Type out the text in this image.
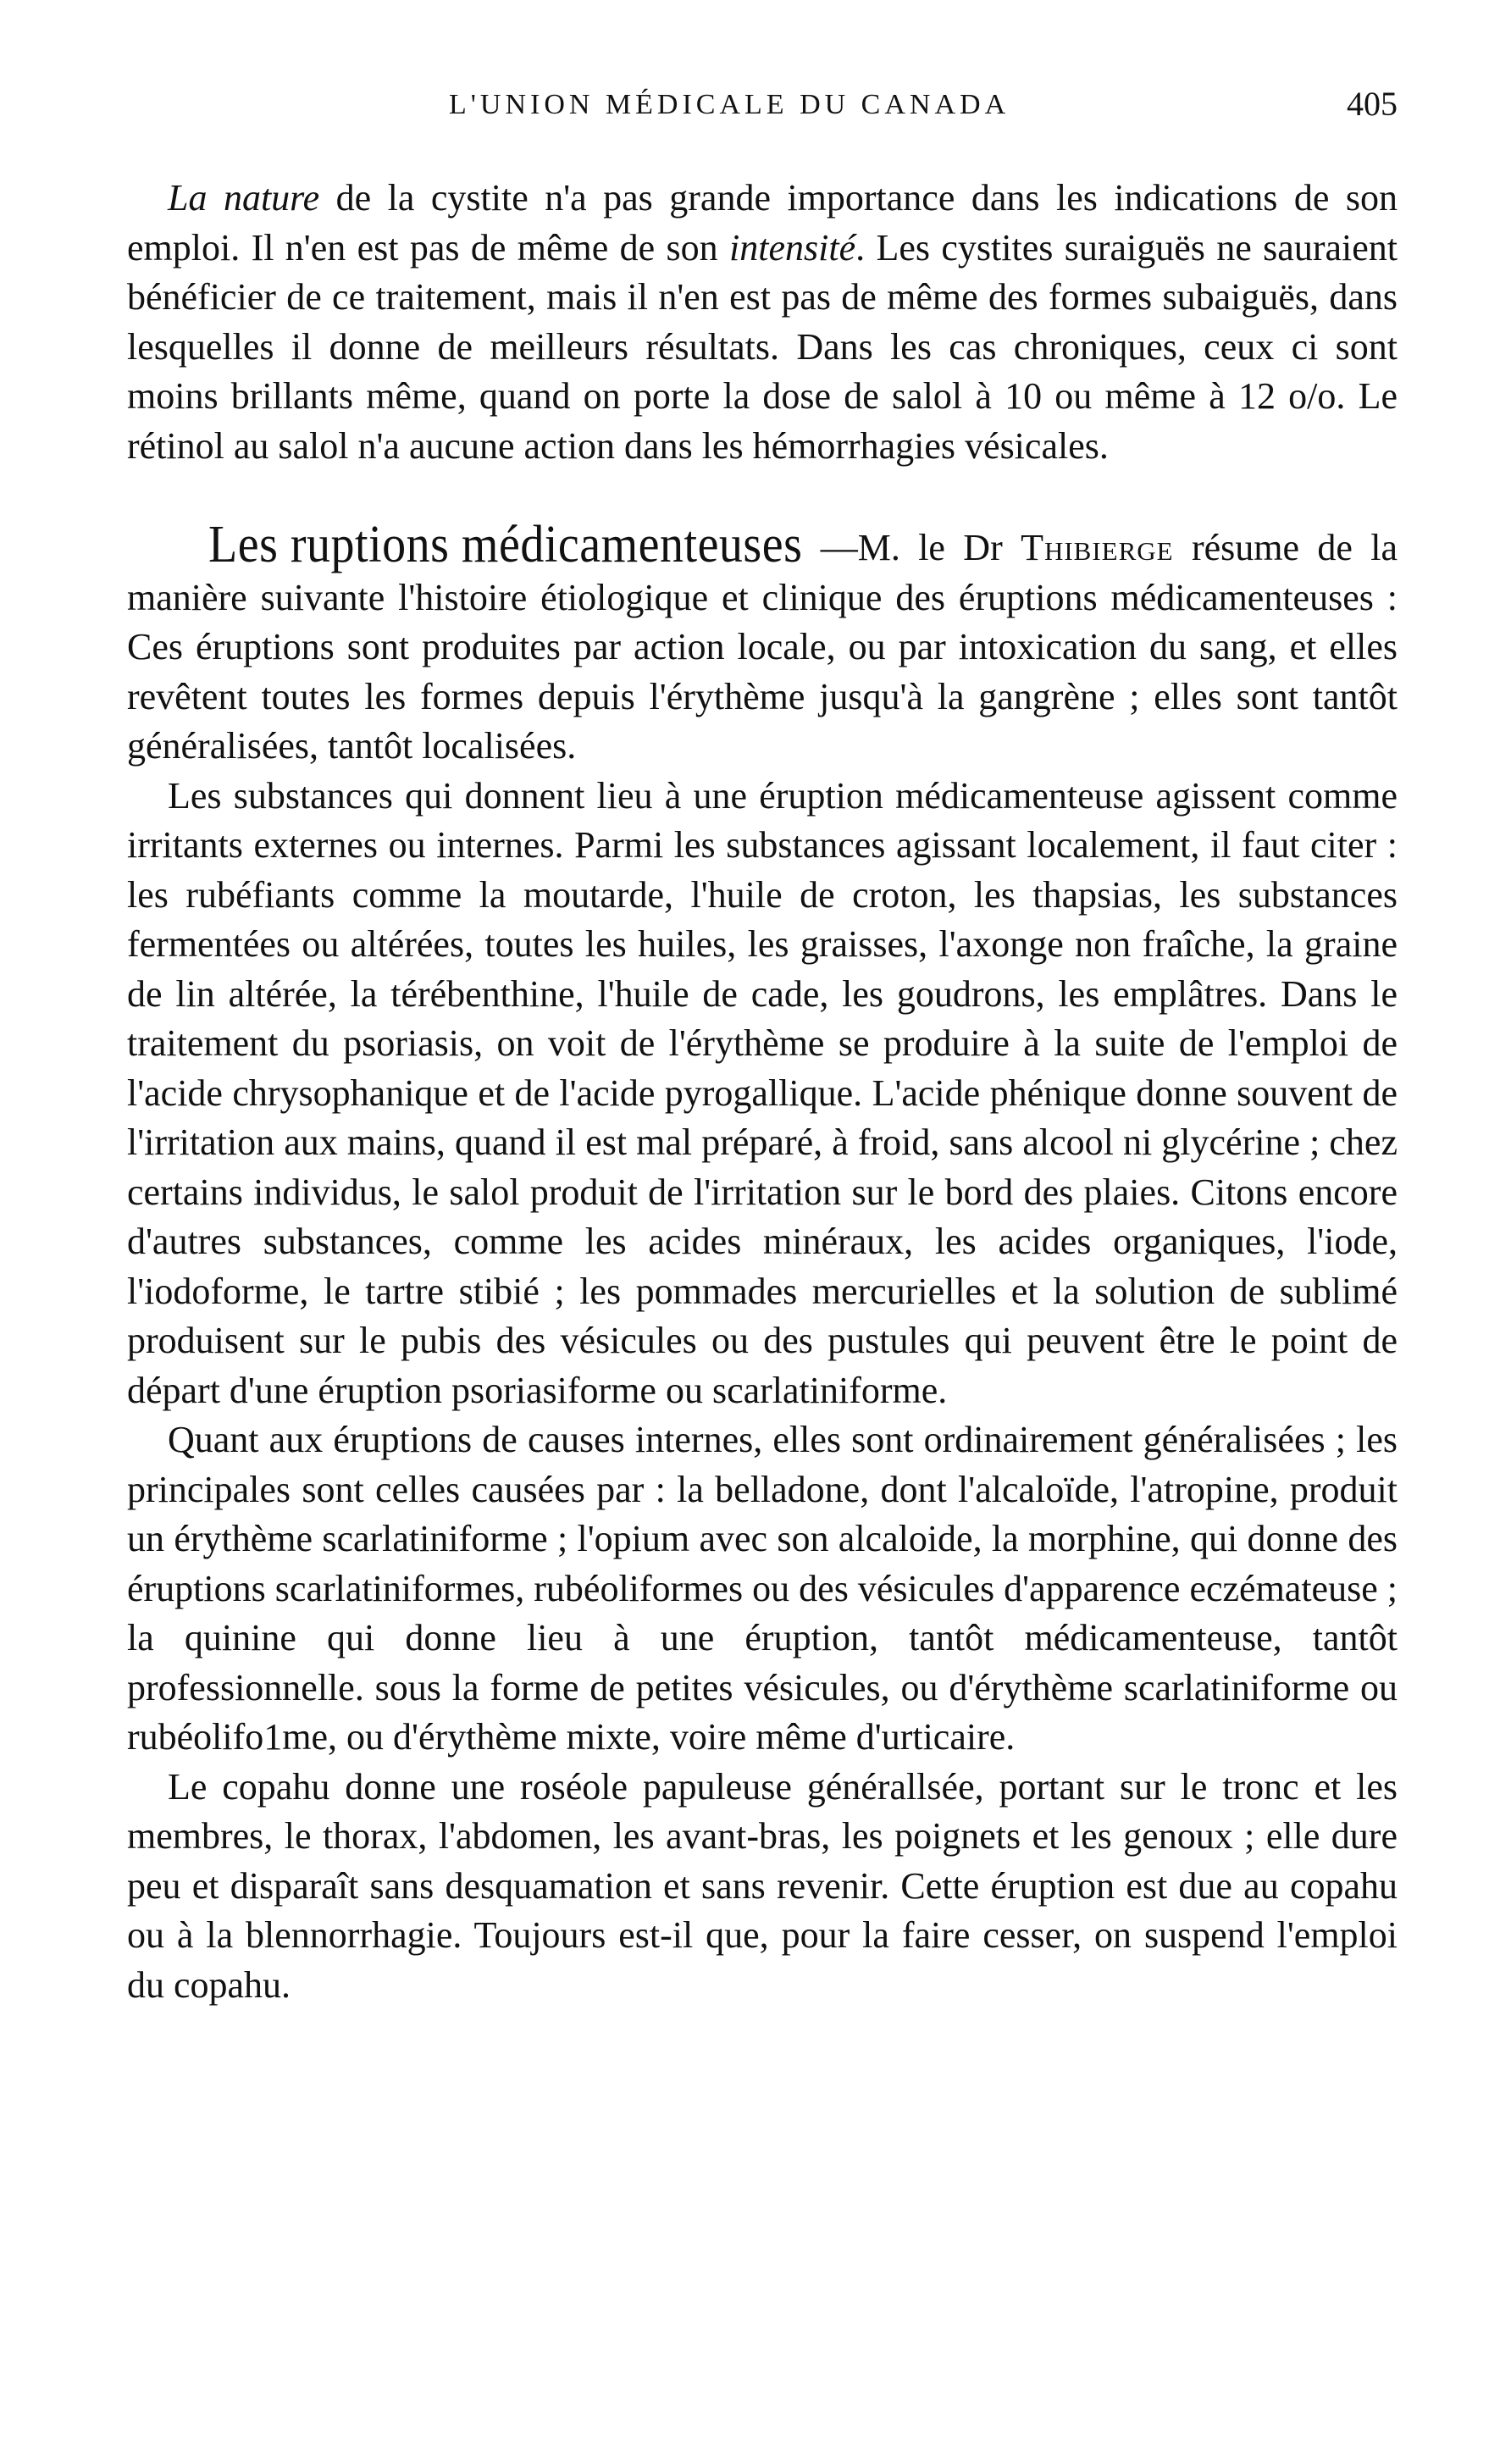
L'UNION MÉDICALE DU CANADA	405

La nature de la cystite n'a pas grande importance dans les indications de son emploi. Il n'en est pas de même de son intensité. Les cystites suraiguës ne sauraient bénéficier de ce traitement, mais il n'en est pas de même des formes subaiguës, dans lesquelles il donne de meilleurs résultats. Dans les cas chroniques, ceux ci sont moins brillants même, quand on porte la dose de salol à 10 ou même à 12 o/o. Le rétinol au salol n'a aucune action dans les hémorrhagies vésicales.

Les ruptions médicamenteuses —M. le Dr Thibierge résume de la manière suivante l'histoire étiologique et clinique des éruptions médicamenteuses : Ces éruptions sont produites par action locale, ou par intoxication du sang, et elles revêtent toutes les formes depuis l'érythème jusqu'à la gangrène ; elles sont tantôt généralisées, tantôt localisées.

Les substances qui donnent lieu à une éruption médicamenteuse agissent comme irritants externes ou internes. Parmi les substances agissant localement, il faut citer : les rubéfiants comme la moutarde, l'huile de croton, les thapsias, les substances fermentées ou altérées, toutes les huiles, les graisses, l'axonge non fraîche, la graine de lin altérée, la térébenthine, l'huile de cade, les goudrons, les emplâtres. Dans le traitement du psoriasis, on voit de l'érythème se produire à la suite de l'emploi de l'acide chrysophanique et de l'acide pyrogallique. L'acide phénique donne souvent de l'irritation aux mains, quand il est mal préparé, à froid, sans alcool ni glycérine ; chez certains individus, le salol produit de l'irritation sur le bord des plaies. Citons encore d'autres substances, comme les acides minéraux, les acides organiques, l'iode, l'iodoforme, le tartre stibié ; les pommades mercurielles et la solution de sublimé produisent sur le pubis des vésicules ou des pustules qui peuvent être le point de départ d'une éruption psoriasiforme ou scarlatiniforme.

Quant aux éruptions de causes internes, elles sont ordinairement généralisées ; les principales sont celles causées par : la belladone, dont l'alcaloïde, l'atropine, produit un érythème scarlatiniforme ; l'opium avec son alcaloide, la morphine, qui donne des éruptions scarlatiniformes, rubéoliformes ou des vésicules d'apparence eczémateuse ; la quinine qui donne lieu à une éruption, tantôt médicamenteuse, tantôt professionnelle. sous la forme de petites vésicules, ou d'érythème scarlatiniforme ou rubéolifo1me, ou d'érythème mixte, voire même d'urticaire.

Le copahu donne une roséole papuleuse générallsée, portant sur le tronc et les membres, le thorax, l'abdomen, les avant-bras, les poignets et les genoux ; elle dure peu et disparaît sans desquamation et sans revenir. Cette éruption est due au copahu ou à la blennorrhagie. Toujours est-il que, pour la faire cesser, on suspend l'emploi du copahu.
